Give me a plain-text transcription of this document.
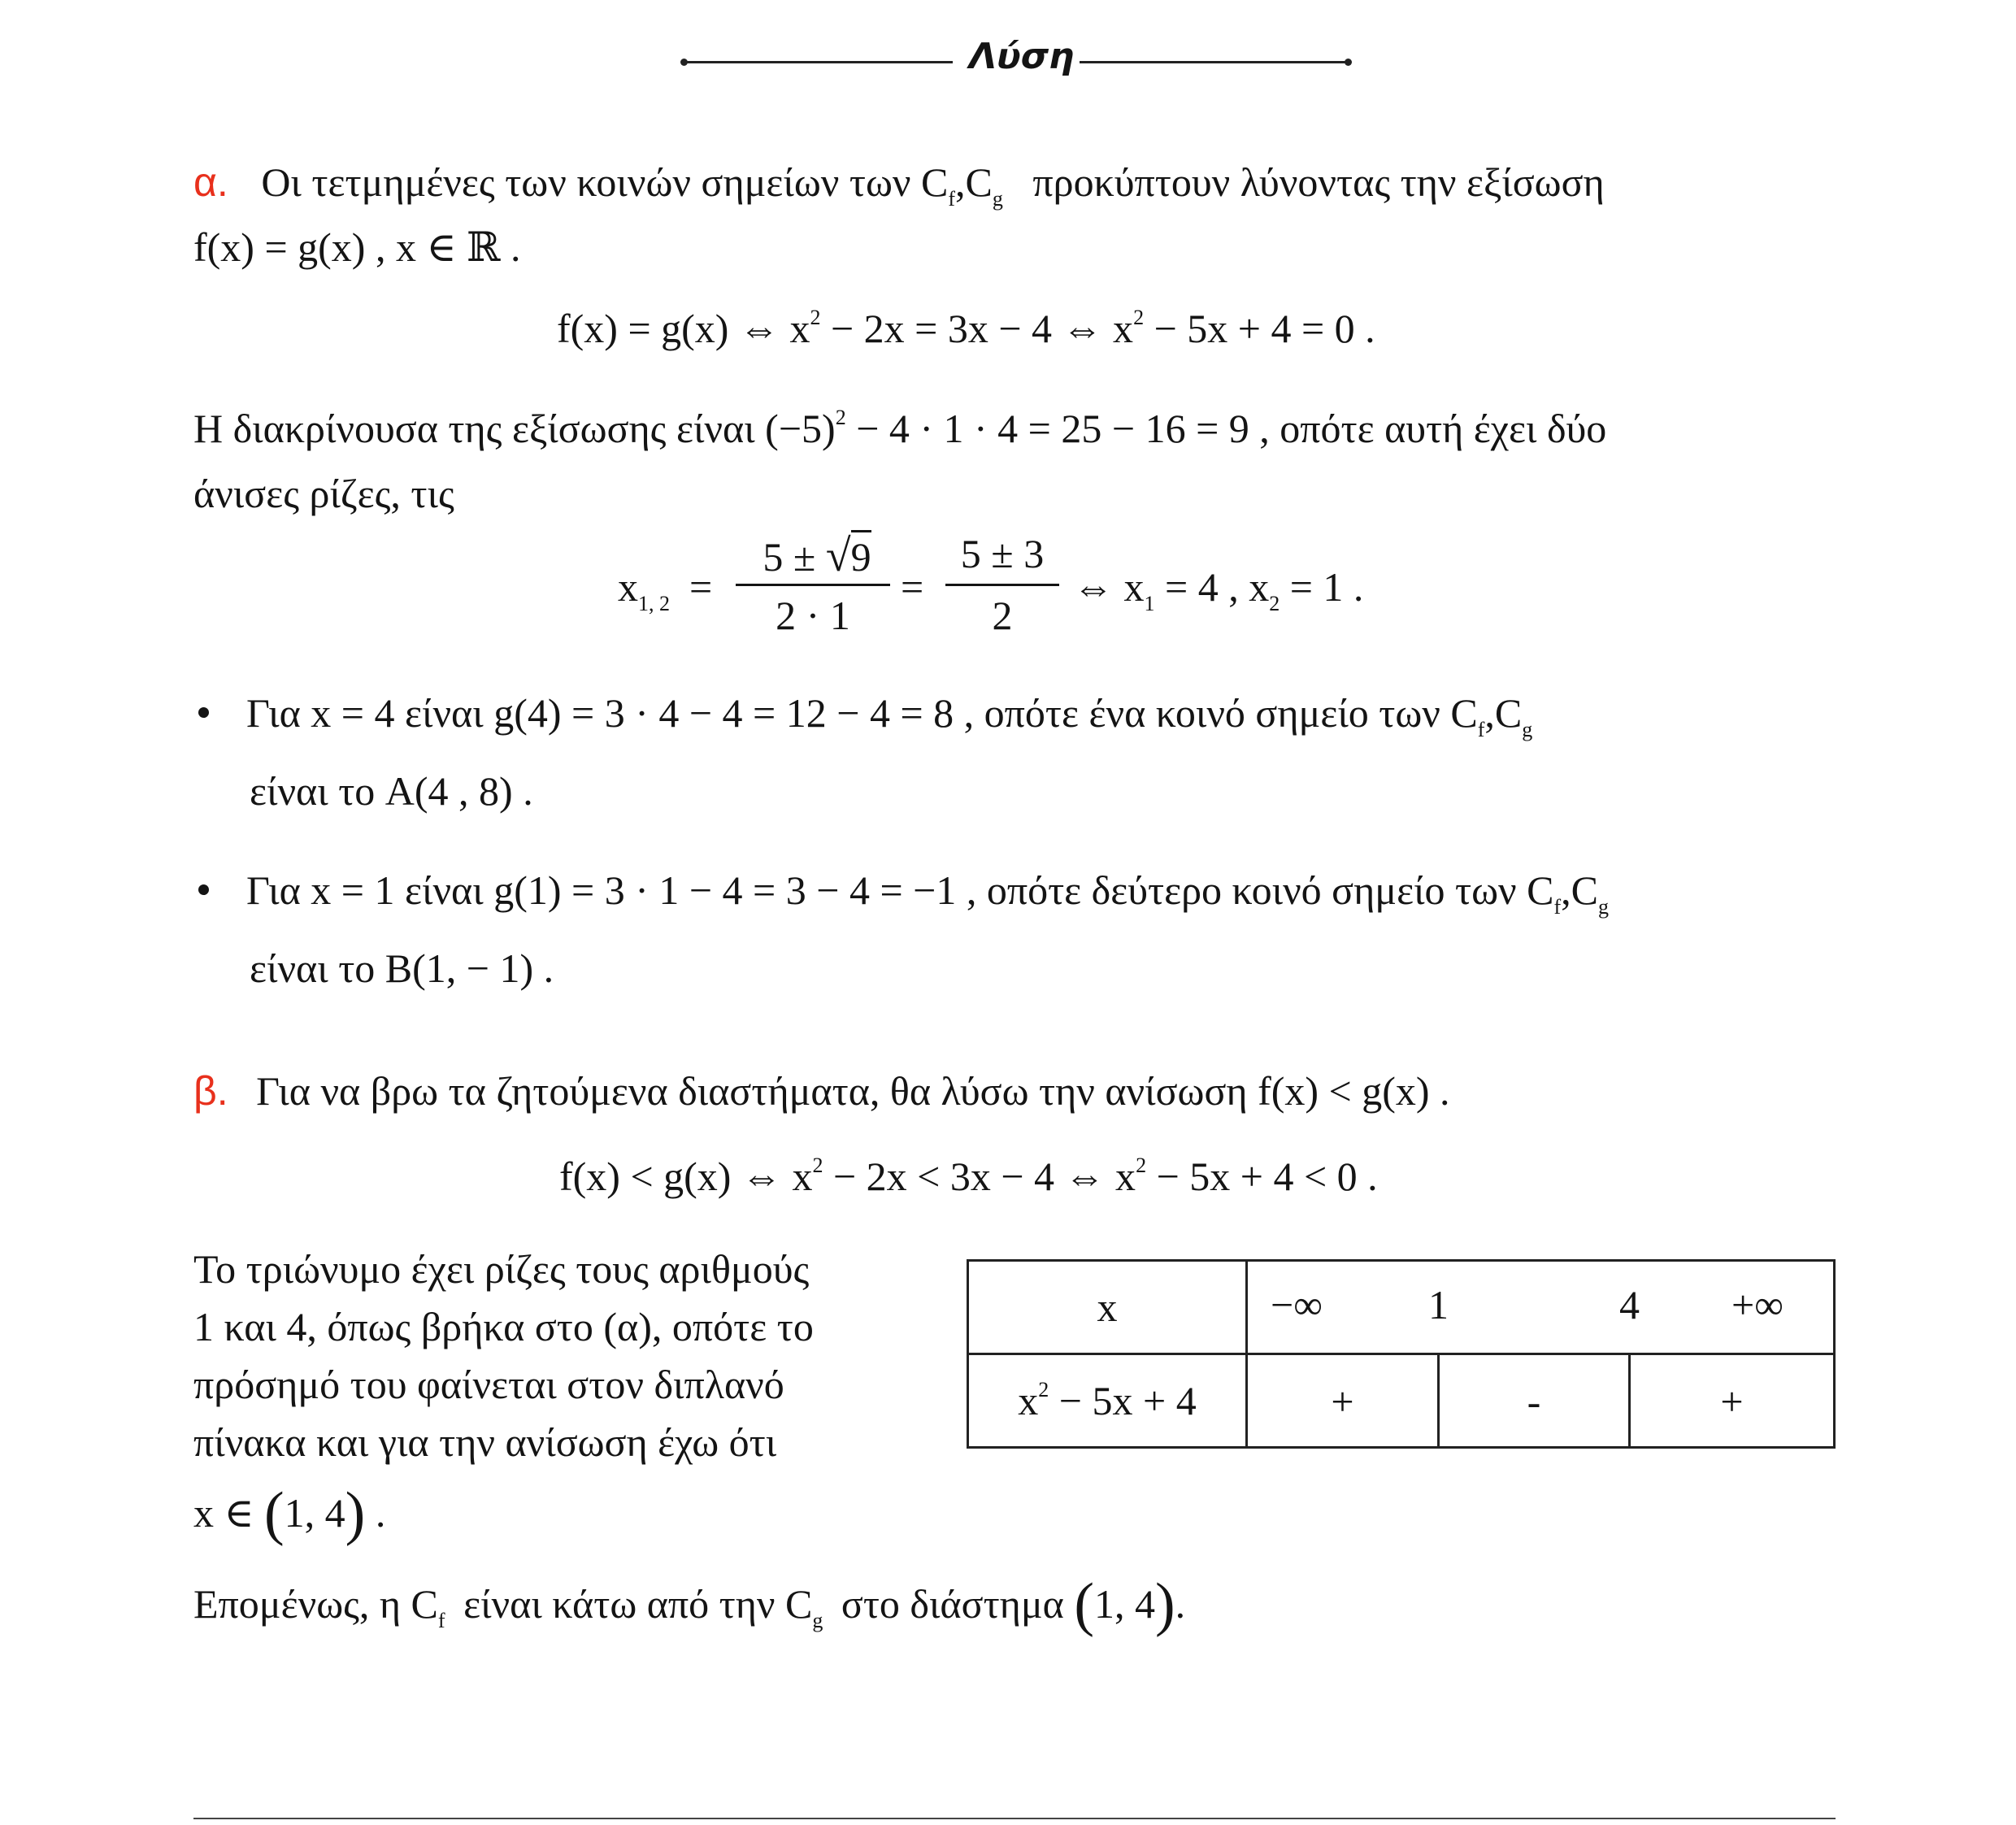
Λύση
α. Οι τετμημένες των κοινών σημείων των $C_f,C_g$ προκύπτουν λύνοντας την εξίσωση
f(x) = g(x) , x ∈ ℝ .
f(x) = g(x) ⇔ $x^2 - 2x = 3x - 4$ ⇔ $x^2 - 5x + 4 = 0$ .
Η διακρίνουσα της εξίσωσης είναι $(-5)^2 - 4 \cdot 1 \cdot 4 = 25 - 16 = 9$ , οπότε αυτή έχει δύο
άνισες ρίζες, τις
$x_{1, 2}$ =
5 ± √9
2 · 1
=
5 ± 3
2
⇔ $x_1 = 4$ , $x_2 = 1$ .
Για x = 4 είναι g(4) = 3 · 4 − 4 = 12 − 4 = 8 , οπότε ένα κοινό σημείο των $C_f,C_g$
είναι το A(4 , 8) .
Για x = 1 είναι g(1) = 3 · 1 − 4 = 3 − 4 = −1 , οπότε δεύτερο κοινό σημείο των $C_f,C_g$
είναι το B(1, − 1) .
β. Για να βρω τα ζητούμενα διαστήματα, θα λύσω την ανίσωση f(x) < g(x) .
f(x) < g(x) ⇔ $x^2 - 2x < 3x - 4$ ⇔ $x^2 - 5x + 4 < 0$ .
Το τριώνυμο έχει ρίζες τους αριθμούς
1 και 4, όπως βρήκα στο (α), οπότε το
πρόσημό του φαίνεται στον διπλανό
πίνακα και για την ανίσωση έχω ότι
x ∈ (1, 4) .
x	−∞ 1 4 +∞		

$x^2 - 5x + 4$	+	-	+
Επομένως, η $C_f$ είναι κάτω από την $C_g$ στο διάστημα (1, 4).
